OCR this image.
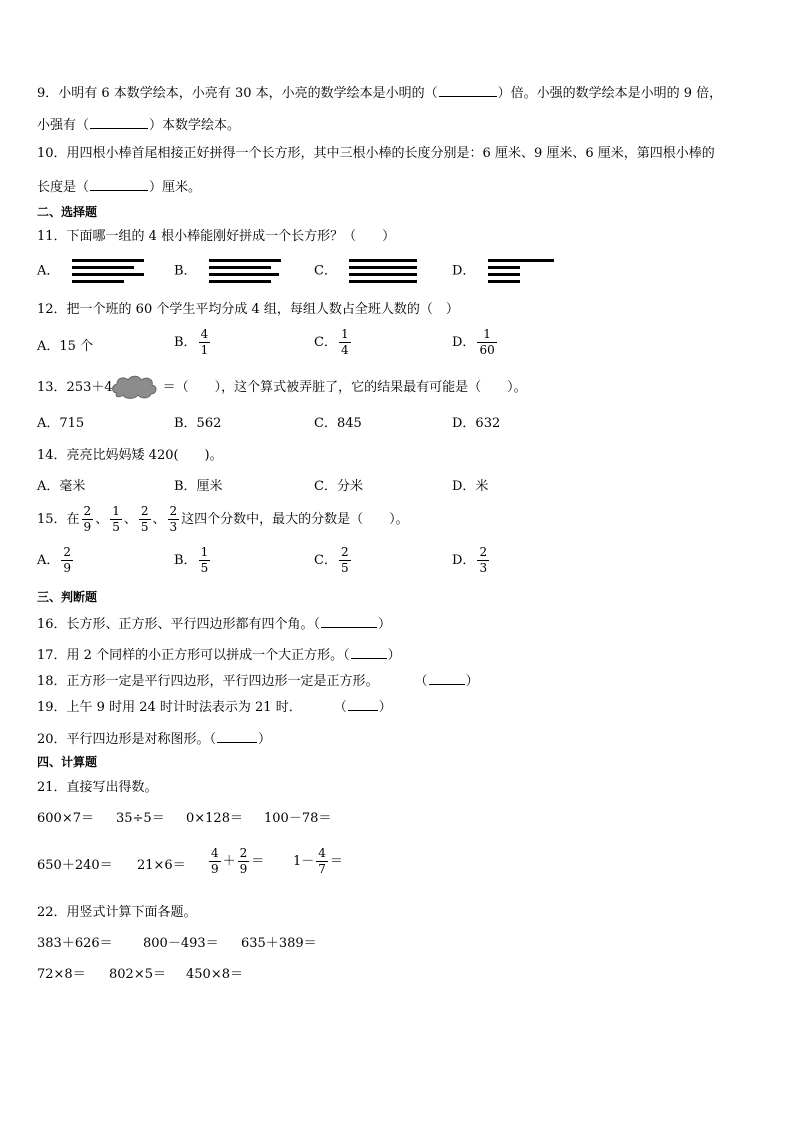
9．小明有 6 本数学绘本，小亮有 30 本，小亮的数学绘本是小明的（	）倍。小强的数学绘本是小明的 9 倍，
小强有（	）本数学绘本。
10．用四根小棒首尾相接正好拼得一个长方形，其中三根小棒的长度分别是：6 厘米、9 厘米、6 厘米，第四根小棒的
长度是（	）厘米。
二、选择题
11．下面哪一组的 4 根小棒能刚好拼成一个长方形？（　　）
A．	B．	C．	D．
12．把一个班的 60 个学生平均分成 4 组，每组人数占全班人数的（　）
A．15 个	B． $\frac{4}{1}$	C． $\frac{1}{4}$	D． $\frac{1}{60}$
13．253＋4	＝（　　），这个算式被弄脏了，它的结果最有可能是（　　）。
A．715	B．562	C．845	D．632
14．亮亮比妈妈矮 420(　　)。
A．毫米	B．厘米	C．分米	D．米
15．在 $\frac{2}{9}$ 、 $\frac{1}{5}$ 、 $\frac{2}{5}$ 、 $\frac{2}{3}$ 这四个分数中，最大的分数是（　　）。
A． $\frac{2}{9}$	B． $\frac{1}{5}$	C． $\frac{2}{5}$	D． $\frac{2}{3}$
三、判断题
16．长方形、正方形、平行四边形都有四个角。（	）
17．用 2 个同样的小正方形可以拼成一个大正方形。（	）
18．正方形一定是平行四边形，平行四边形一定是正方形。	（	）
19．上午 9 时用 24 时计时法表示为 21 时． （ ）
20．平行四边形是对称图形。（	）
四、计算题
21．直接写出得数。
600×7＝ 35÷5＝ 0×128＝ 100－78＝
$650+240= 21\times 6= \frac{4}{9} + \frac{2}{9} = 1- \frac{4}{7}$ ＝
22．用竖式计算下面各题。
383＋626＝ 800－493＝ 635＋389＝
72×8＝ 802×5＝ 450×8＝
